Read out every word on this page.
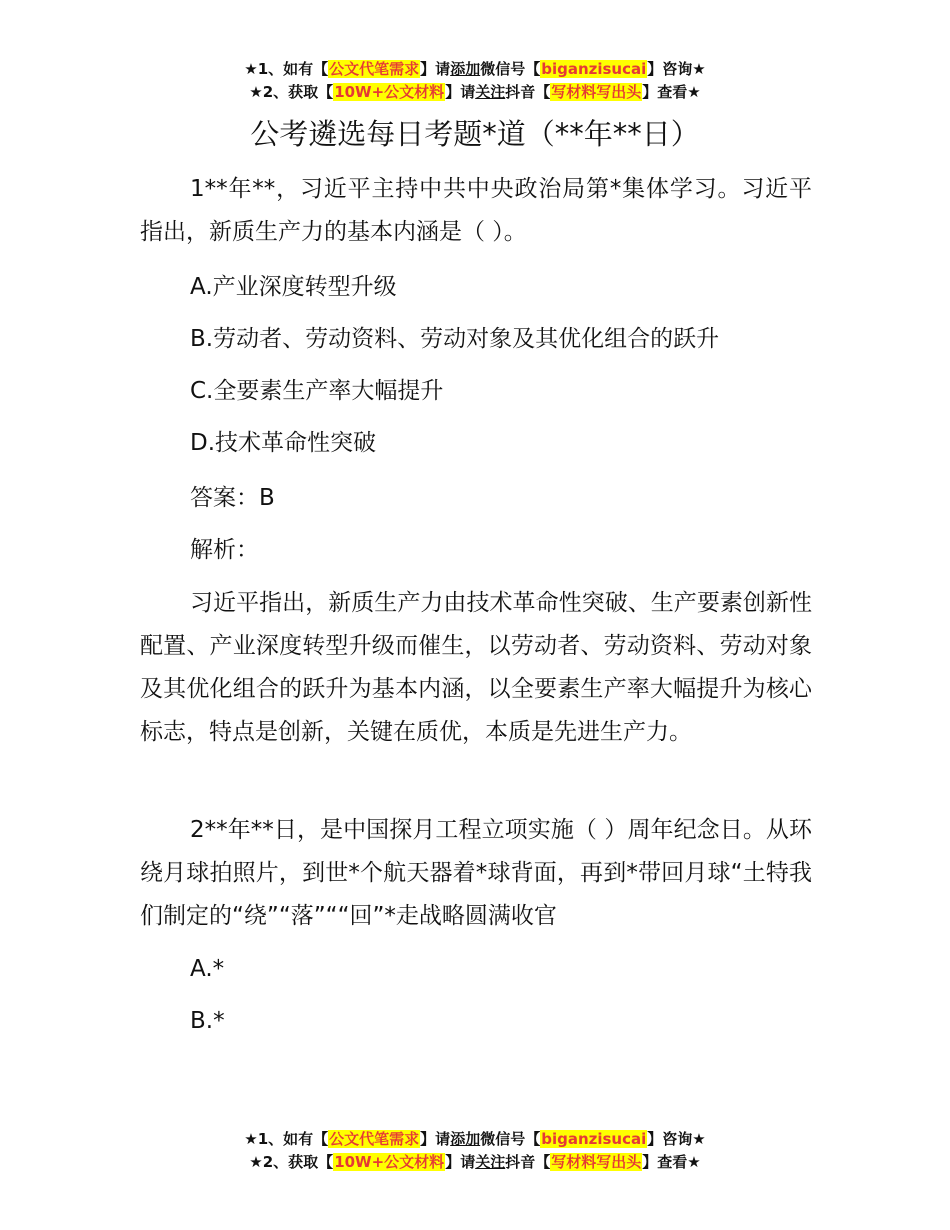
★1、如有【公文代笔需求】请添加微信号【biganzisucai】咨询★
★2、获取【10W+公文材料】请关注抖音【写材料写出头】查看★
公考遴选每日考题*道（**年**日）

1**年**，习近平主持中共中央政治局第*集体学习。习近平指出，新质生产力的基本内涵是（ ）。

A.产业深度转型升级
B.劳动者、劳动资料、劳动对象及其优化组合的跃升
C.全要素生产率大幅提升
D.技术革命性突破
答案：B
解析：

习近平指出，新质生产力由技术革命性突破、生产要素创新性配置、产业深度转型升级而催生，以劳动者、劳动资料、劳动对象及其优化组合的跃升为基本内涵，以全要素生产率大幅提升为核心标志，特点是创新，关键在质优，本质是先进生产力。

2**年**日，是中国探月工程立项实施（ ）周年纪念日。从环绕月球拍照片，到世*个航天器着*球背面，再到*带回月球“土特我们制定的“绕”“落”““回”*走战略圆满收官

A.*
B.*
★1、如有【公文代笔需求】请添加微信号【biganzisucai】咨询★
★2、获取【10W+公文材料】请关注抖音【写材料写出头】查看★
